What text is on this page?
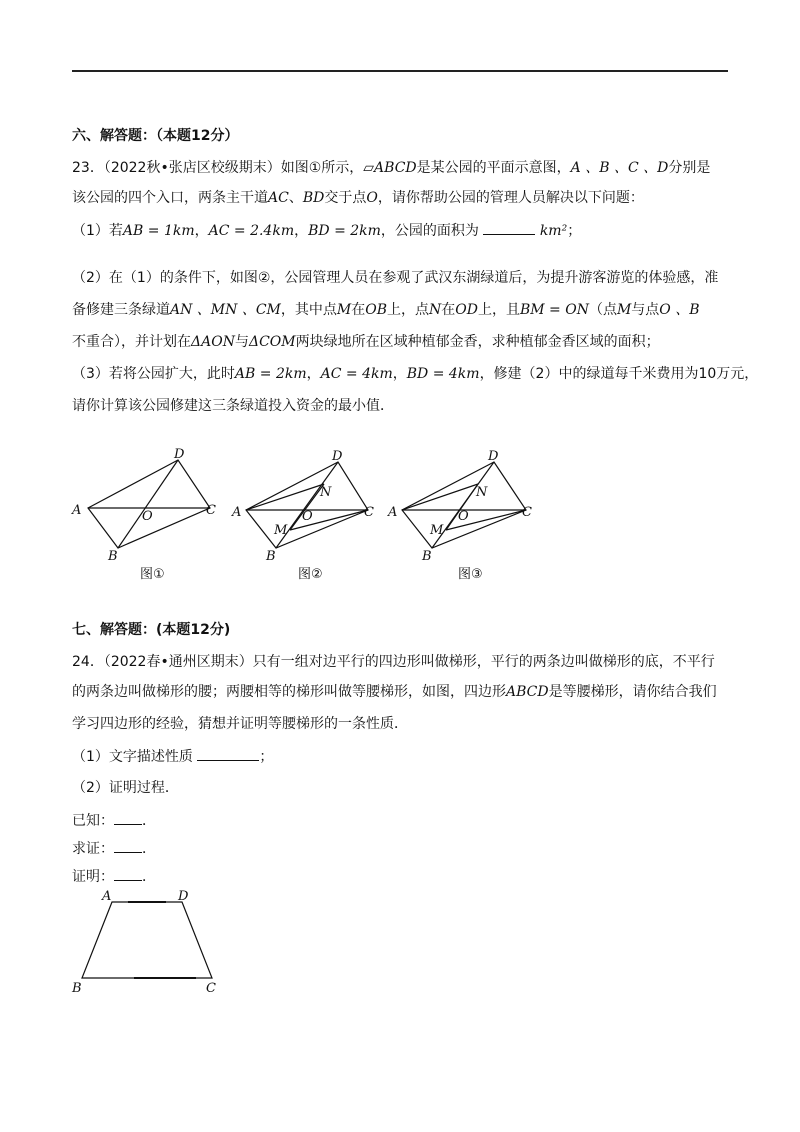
六、解答题：（本题12分）
23．（2022秋•张店区校级期末）如图①所示，▱ABCD是某公园的平面示意图，A 、B 、C 、D分别是
该公园的四个入口，两条主干道AC、BD交于点O，请你帮助公园的管理人员解决以下问题：
（1）若AB = 1km，AC = 2.4km，BD = 2km，公园的面积为	km²；
（2）在（1）的条件下，如图②，公园管理人员在参观了武汉东湖绿道后，为提升游客游览的体验感，准
备修建三条绿道AN 、MN 、CM，其中点M在OB上，点N在OD上，且BM = ON（点M与点O 、B
不重合），并计划在ΔAON与ΔCOM两块绿地所在区域种植郁金香，求种植郁金香区域的面积；
（3）若将公园扩大，此时AB = 2km，AC = 4km，BD = 4km，修建（2）中的绿道每千米费用为10万元，
请你计算该公园修建这三条绿道投入资金的最小值．
A
D
C
B
O
图①
A
D
C
B
O
N
M
图②
A
D
C
B
O
N
M
图③
七、解答题：(本题12分)
24．（2022春•通州区期末）只有一组对边平行的四边形叫做梯形，平行的两条边叫做梯形的底，不平行
的两条边叫做梯形的腰；两腰相等的梯形叫做等腰梯形，如图，四边形ABCD是等腰梯形，请你结合我们
学习四边形的经验，猜想并证明等腰梯形的一条性质．
（1）文字描述性质	；
（2）证明过程．
已知： ．
求证： ．
证明： ．
A	D
B	C
